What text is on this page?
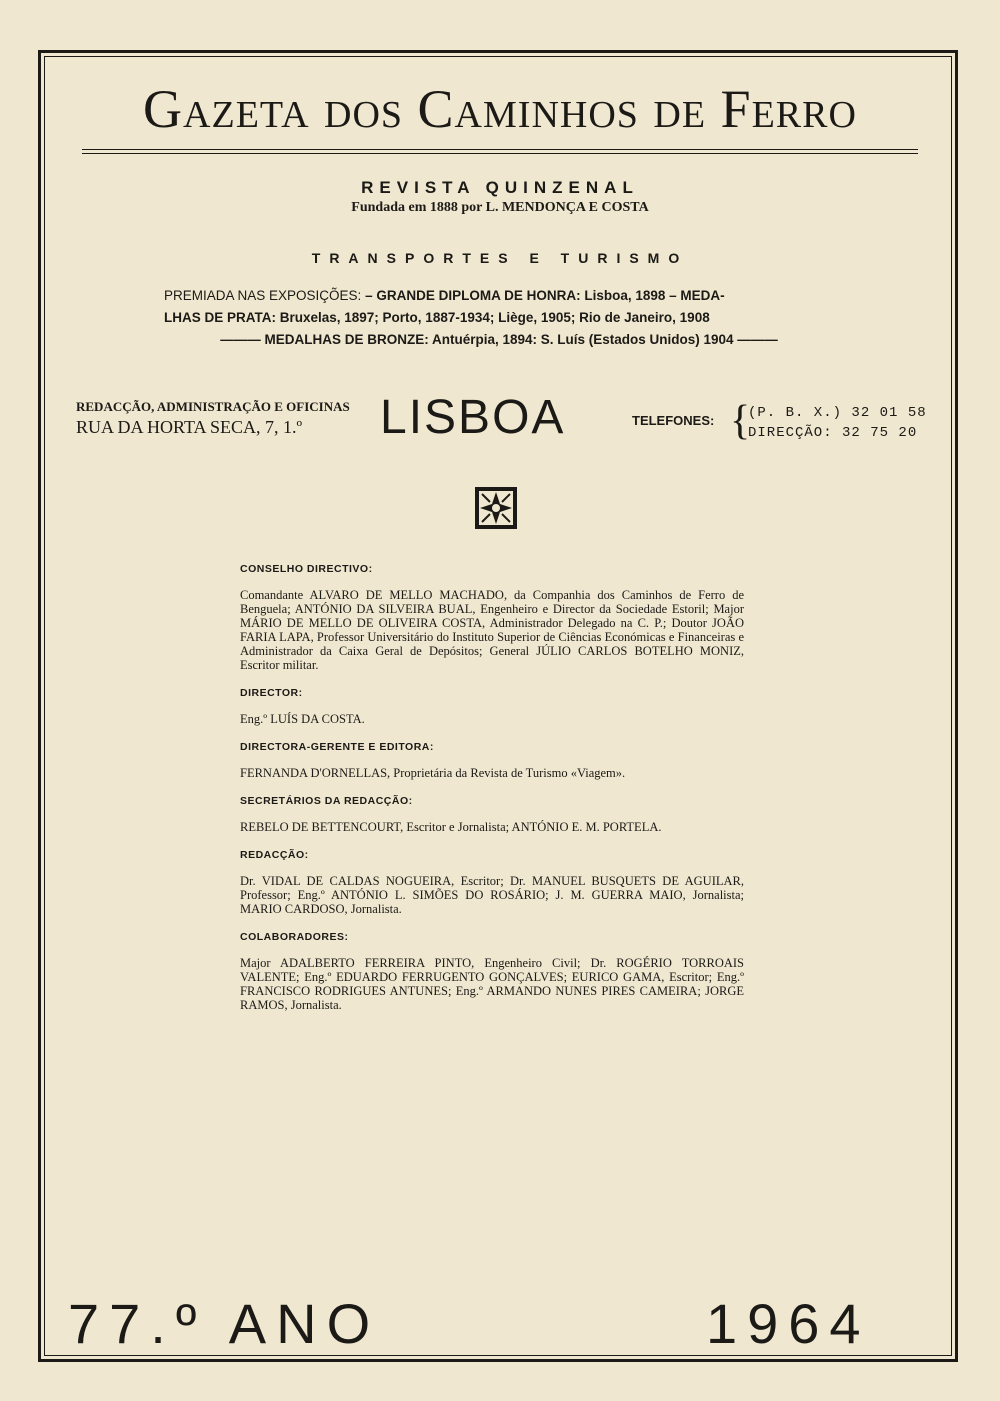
Gazeta dos Caminhos de Ferro
REVISTA QUINZENAL
Fundada em 1888 por L. MENDONÇA E COSTA
TRANSPORTES E TURISMO
PREMIADA NAS EXPOSIÇÕES: – GRANDE DIPLOMA DE HONRA: Lisboa, 1898 – MEDA-
LHAS DE PRATA: Bruxelas, 1897; Porto, 1887-1934; Liège, 1905; Rio de Janeiro, 1908
——— MEDALHAS DE BRONZE: Antuérpia, 1894: S. Luís (Estados Unidos) 1904 ———
REDACÇÃO, ADMINISTRAÇÃO E OFICINAS
RUA DA HORTA SECA, 7, 1.º	LISBOA	TELEFONES: {
(P. B. X.) 32 01 58
DIRECÇÃO: 32 75 20
CONSELHO DIRECTIVO:
Comandante ALVARO DE MELLO MACHADO, da Companhia dos Caminhos de Ferro de Benguela; ANTÓNIO DA SILVEIRA BUAL, Engenheiro e Director da Sociedade Estoril; Major MÁRIO DE MELLO DE OLIVEIRA COSTA, Administrador Delegado na C. P.; Doutor JOÃO FARIA LAPA, Professor Universitário do Instituto Superior de Ciências Económicas e Financeiras e Administrador da Caixa Geral de Depósitos; General JÚLIO CARLOS BOTELHO MONIZ, Escritor militar.
DIRECTOR:
Eng.º LUÍS DA COSTA.
DIRECTORA-GERENTE E EDITORA:
FERNANDA D'ORNELLAS, Proprietária da Revista de Turismo «Viagem».
SECRETÁRIOS DA REDACÇÃO:
REBELO DE BETTENCOURT, Escritor e Jornalista; ANTÓNIO E. M. PORTELA.
REDACÇÃO:
Dr. VIDAL DE CALDAS NOGUEIRA, Escritor; Dr. MANUEL BUSQUETS DE AGUILAR, Professor; Eng.º ANTÓNIO L. SIMÕES DO ROSÁRIO; J. M. GUERRA MAIO, Jornalista; MARIO CARDOSO, Jornalista.
COLABORADORES:
Major ADALBERTO FERREIRA PINTO, Engenheiro Civil; Dr. ROGÉRIO TORROAIS VALENTE; Eng.º EDUARDO FERRUGENTO GONÇALVES; EURICO GAMA, Escritor; Eng.º FRANCISCO RODRIGUES ANTUNES; Eng.º ARMANDO NUNES PIRES CAMEIRA; JORGE RAMOS, Jornalista.
77.º ANO	1964
